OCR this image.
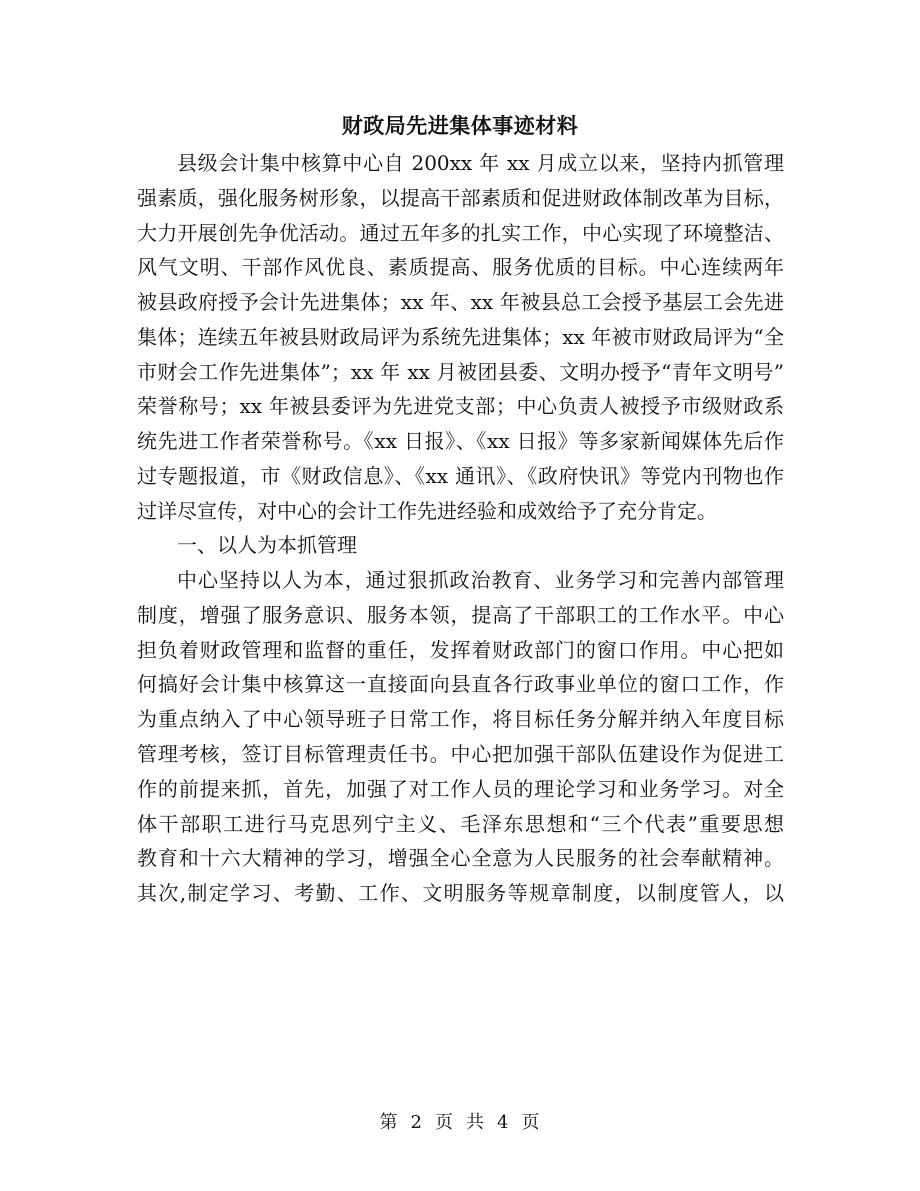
财政局先进集体事迹材料
县级会计集中核算中心自 200xx 年 xx 月成立以来，坚持内抓管理
强素质，强化服务树形象，以提高干部素质和促进财政体制改革为目标，
大力开展创先争优活动。通过五年多的扎实工作，中心实现了环境整洁、
风气文明、干部作风优良、素质提高、服务优质的目标。中心连续两年
被县政府授予会计先进集体；xx 年、xx 年被县总工会授予基层工会先进
集体；连续五年被县财政局评为系统先进集体；xx 年被市财政局评为“全
市财会工作先进集体”；xx 年 xx 月被团县委、文明办授予“青年文明号”
荣誉称号；xx 年被县委评为先进党支部；中心负责人被授予市级财政系
统先进工作者荣誉称号。《xx 日报》、《xx 日报》等多家新闻媒体先后作
过专题报道，市《财政信息》、《xx 通讯》、《政府快讯》等党内刊物也作
过详尽宣传，对中心的会计工作先进经验和成效给予了充分肯定。
一、以人为本抓管理
中心坚持以人为本，通过狠抓政治教育、业务学习和完善内部管理
制度，增强了服务意识、服务本领，提高了干部职工的工作水平。中心
担负着财政管理和监督的重任，发挥着财政部门的窗口作用。中心把如
何搞好会计集中核算这一直接面向县直各行政事业单位的窗口工作，作
为重点纳入了中心领导班子日常工作，将目标任务分解并纳入年度目标
管理考核，签订目标管理责任书。中心把加强干部队伍建设作为促进工
作的前提来抓，首先，加强了对工作人员的理论学习和业务学习。对全
体干部职工进行马克思列宁主义、毛泽东思想和“三个代表”重要思想
教育和十六大精神的学习，增强全心全意为人民服务的社会奉献精神。
其次,制定学习、考勤、工作、文明服务等规章制度，以制度管人，以
第 2 页 共 4 页
